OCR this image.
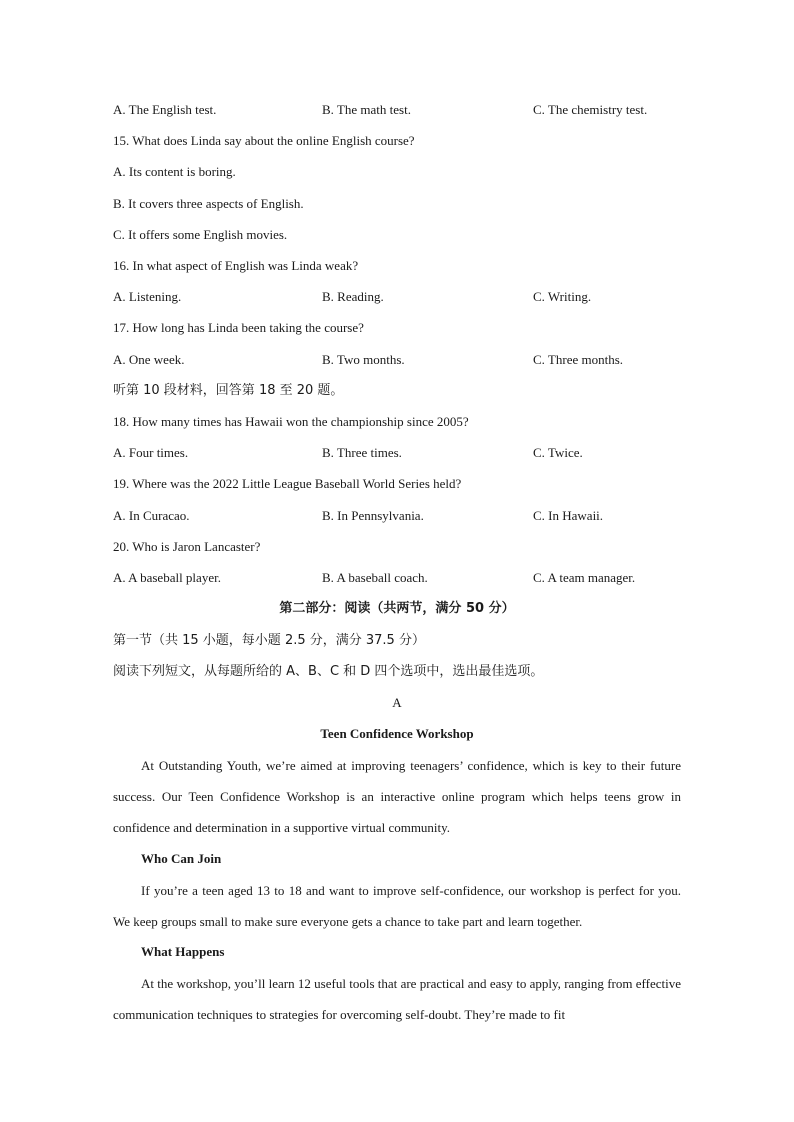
A. The English test.	B. The math test.	C. The chemistry test.
15. What does Linda say about the online English course?
A. Its content is boring.
B. It covers three aspects of English.
C. It offers some English movies.
16. In what aspect of English was Linda weak?
A. Listening.	B. Reading.	C. Writing.
17. How long has Linda been taking the course?
A. One week.	B. Two months.	C. Three months.
听第 10 段材料，回答第 18 至 20 题。
18. How many times has Hawaii won the championship since 2005?
A. Four times.	B. Three times.	C. Twice.
19. Where was the 2022 Little League Baseball World Series held?
A. In Curacao.	B. In Pennsylvania.	C. In Hawaii.
20. Who is Jaron Lancaster?
A. A baseball player.	B. A baseball coach.	C. A team manager.
第二部分：阅读（共两节，满分 50 分）
第一节（共 15 小题，每小题 2.5 分，满分 37.5 分）
阅读下列短文，从每题所给的 A、B、C 和 D 四个选项中，选出最佳选项。
A
Teen Confidence Workshop
At Outstanding Youth, we’re aimed at improving teenagers’ confidence, which is key to their future success. Our Teen Confidence Workshop is an interactive online program which helps teens grow in confidence and determination in a supportive virtual community.
Who Can Join
If you’re a teen aged 13 to 18 and want to improve self-confidence, our workshop is perfect for you. We keep groups small to make sure everyone gets a chance to take part and learn together.
What Happens
At the workshop, you’ll learn 12 useful tools that are practical and easy to apply, ranging from effective communication techniques to strategies for overcoming self-doubt. They’re made to fit
